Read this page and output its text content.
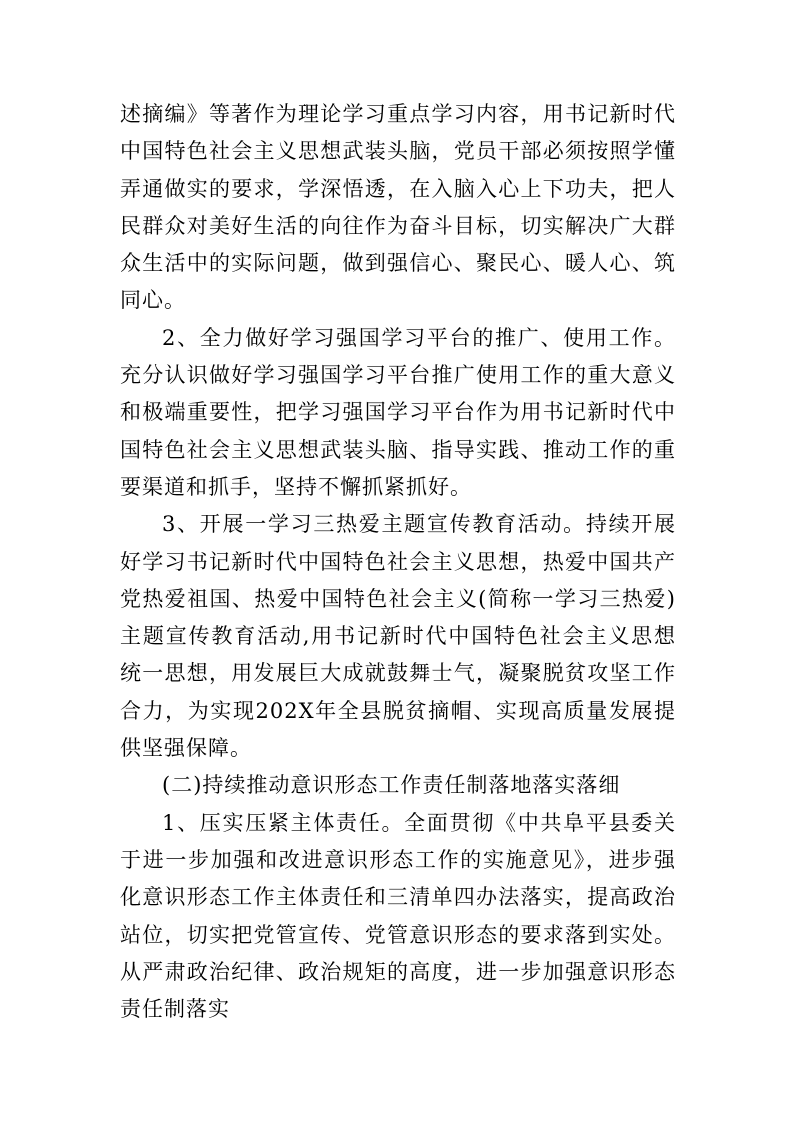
述摘编》等著作为理论学习重点学习内容，用书记新时代中国特色社会主义思想武装头脑，党员干部必须按照学懂弄通做实的要求，学深悟透，在入脑入心上下功夫，把人民群众对美好生活的向往作为奋斗目标，切实解决广大群众生活中的实际问题，做到强信心、聚民心、暖人心、筑同心。

2、全力做好学习强国学习平台的推广、使用工作。充分认识做好学习强国学习平台推广使用工作的重大意义和极端重要性，把学习强国学习平台作为用书记新时代中国特色社会主义思想武装头脑、指导实践、推动工作的重要渠道和抓手，坚持不懈抓紧抓好。

3、开展一学习三热爱主题宣传教育活动。持续开展好学习书记新时代中国特色社会主义思想，热爱中国共产党热爱祖国、热爱中国特色社会主义(简称一学习三热爱)主题宣传教育活动,用书记新时代中国特色社会主义思想统一思想，用发展巨大成就鼓舞士气，凝聚脱贫攻坚工作合力，为实现202X年全县脱贫摘帽、实现高质量发展提供坚强保障。

(二)持续推动意识形态工作责任制落地落实落细

1、压实压紧主体责任。全面贯彻《中共阜平县委关于进一步加强和改进意识形态工作的实施意见》，进步强化意识形态工作主体责任和三清单四办法落实，提高政治站位，切实把党管宣传、党管意识形态的要求落到实处。从严肃政治纪律、政治规矩的高度，进一步加强意识形态责任制落实
